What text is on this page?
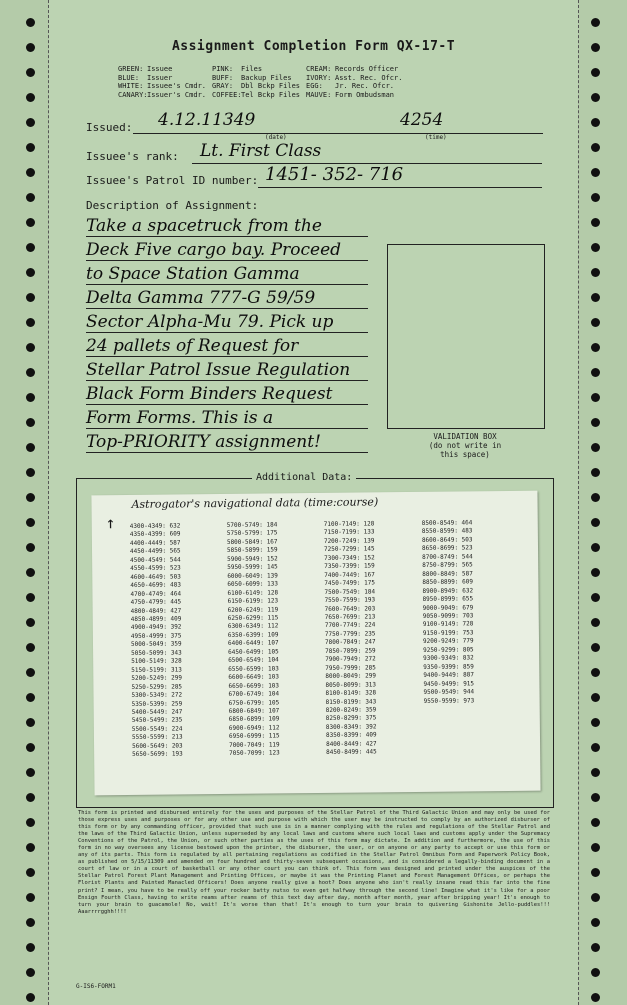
Assignment Completion Form QX-17-T
GREEN: Issuee	PINK:	Files	CREAM: Records Officer
BLUE:	Issuer	BUFF:	Backup Files	IVORY: Asst. Rec. Ofcr.
WHITE: Issuee's Cmdr. GRAY:	Dbl Bckp Files EGG:	Jr. Rec. Ofcr.
CANARY: Issuer's Cmdr. COFFEE: Tel Bckp Files MAUVE: Form Ombudsman
Issued: 4.12.11349
(date)
4254
(time)
Issuee's rank: Lt. First Class
Issuee's Patrol ID number: 1451- 352- 716
Description of Assignment:
Take a spacetruck from the
Deck Five cargo bay. Proceed
to Space Station Gamma
Delta Gamma 777-G 59/59
Sector Alpha-Mu 79. Pick up
24 pallets of Request for
Stellar Patrol Issue Regulation
Black Form Binders Request
Form Forms. This is a
Top-PRIORITY assignment!	VALIDATION BOX
(do not write in
this space)
Additional Data:
Astrogator's navigational data (time:course)
↑ 4300-4349: 632
4350-4399: 609
4400-4449: 587
4450-4499: 565
4500-4549: 544
4550-4599: 523
4600-4649: 503
4650-4699: 483
4700-4749: 464
4750-4799: 445
4800-4849: 427
4850-4899: 409
4900-4949: 392
4950-4999: 375
5000-5049: 359
5050-5099: 343
5100-5149: 328
5150-5199: 313
5200-5249: 299
5250-5299: 285
5300-5349: 272
5350-5399: 259
5400-5449: 247
5450-5499: 235
5500-5549: 224
5550-5599: 213
5600-5649: 203
5650-5699: 193
5700-5749: 184
5750-5799: 175
5800-5849: 167
5850-5899: 159
5900-5949: 152
5950-5999: 145
6000-6049: 139
6050-6099: 133
6100-6149: 128
6150-6199: 123
6200-6249: 119
6250-6299: 115
6300-6349: 112
6350-6399: 109
6400-6449: 107
6450-6499: 105
6500-6549: 104
6550-6599: 103
6600-6649: 103
6650-6699: 103
6700-6749: 104
6750-6799: 105
6800-6849: 107
6850-6899: 109
6900-6949: 112
6950-6999: 115
7000-7049: 119
7050-7099: 123
7100-7149: 128
7150-7199: 133
7200-7249: 139
7250-7299: 145
7300-7349: 152
7350-7399: 159
7400-7449: 167
7450-7499: 175
7500-7549: 184
7550-7599: 193
7600-7649: 203
7650-7699: 213
7700-7749: 224
7750-7799: 235
7800-7849: 247
7850-7899: 259
7900-7949: 272
7950-7999: 285
8000-8049: 299
8050-8099: 313
8100-8149: 328
8150-8199: 343
8200-8249: 359
8250-8299: 375
8300-8349: 392
8350-8399: 409
8400-8449: 427
8450-8499: 445
8500-8549: 464
8550-8599: 483
8600-8649: 503
8650-8699: 523
8700-8749: 544
8750-8799: 565
8800-8849: 587
8850-8899: 609
8900-8949: 632
8950-8999: 655
9000-9049: 679
9050-9099: 703
9100-9149: 728
9150-9199: 753
9200-9249: 779
9250-9299: 805
9300-9349: 832
9350-9399: 859
9400-9449: 887
9450-9499: 915
9500-9549: 944
9550-9599: 973
This form is printed and disbursed entirely for the uses and purposes of the Stellar Patrol of the Third Galactic Union and may only be used for those express uses and purposes or for any other use and purpose with which the user may be instructed to comply by an authorized disburser of this form or by any commanding officer, provided that such use is in a manner complying with the rules and regulations of the Stellar Patrol and the laws of the Third Galactic Union, unless superseded by any local laws and customs where such local laws and customs apply under the Supremacy Conventions of the Patrol, the Union, or such other parties as the uses of this form may dictate. In addition and furthermore, the use of this form in no way oversees any license bestowed upon the printer, the disburser, the user, or on anyone or any party to accept or use this form or any of its parts. This form is regulated by all pertaining regulations as codified in the Stellar Patrol Omnibus Form and Paperwork Policy Book, as published on 5/15/11309 and amended on four hundred and thirty-seven subsequent occasions, and is considered a legally-binding document in a court of law or in a court of basketball or any other court you can think of. This form was designed and printed under the auspices of the Stellar Patrol Forest Plant Management and Printing Offices, or maybe it was the Printing Planet and Forest Management Offices, or perhaps the Florist Plants and Painted Manacled Officers! Does anyone really give a hoot? Does anyone who isn't really insane read this far into the fine print? I mean, you have to be really off your rocker batty nutso to even get halfway through the second line! Imagine what it's like for a poor Ensign Fourth Class, having to write reams after reams of this text day after day, month after month, year after bripping year! It's enough to turn your brain to guacamole! No, wait! It's worse than that! It's enough to turn your brain to quivering Gishonite Jello-puddles!!! Aaarrrrgghh!!!!
G-IS6-FORM1
